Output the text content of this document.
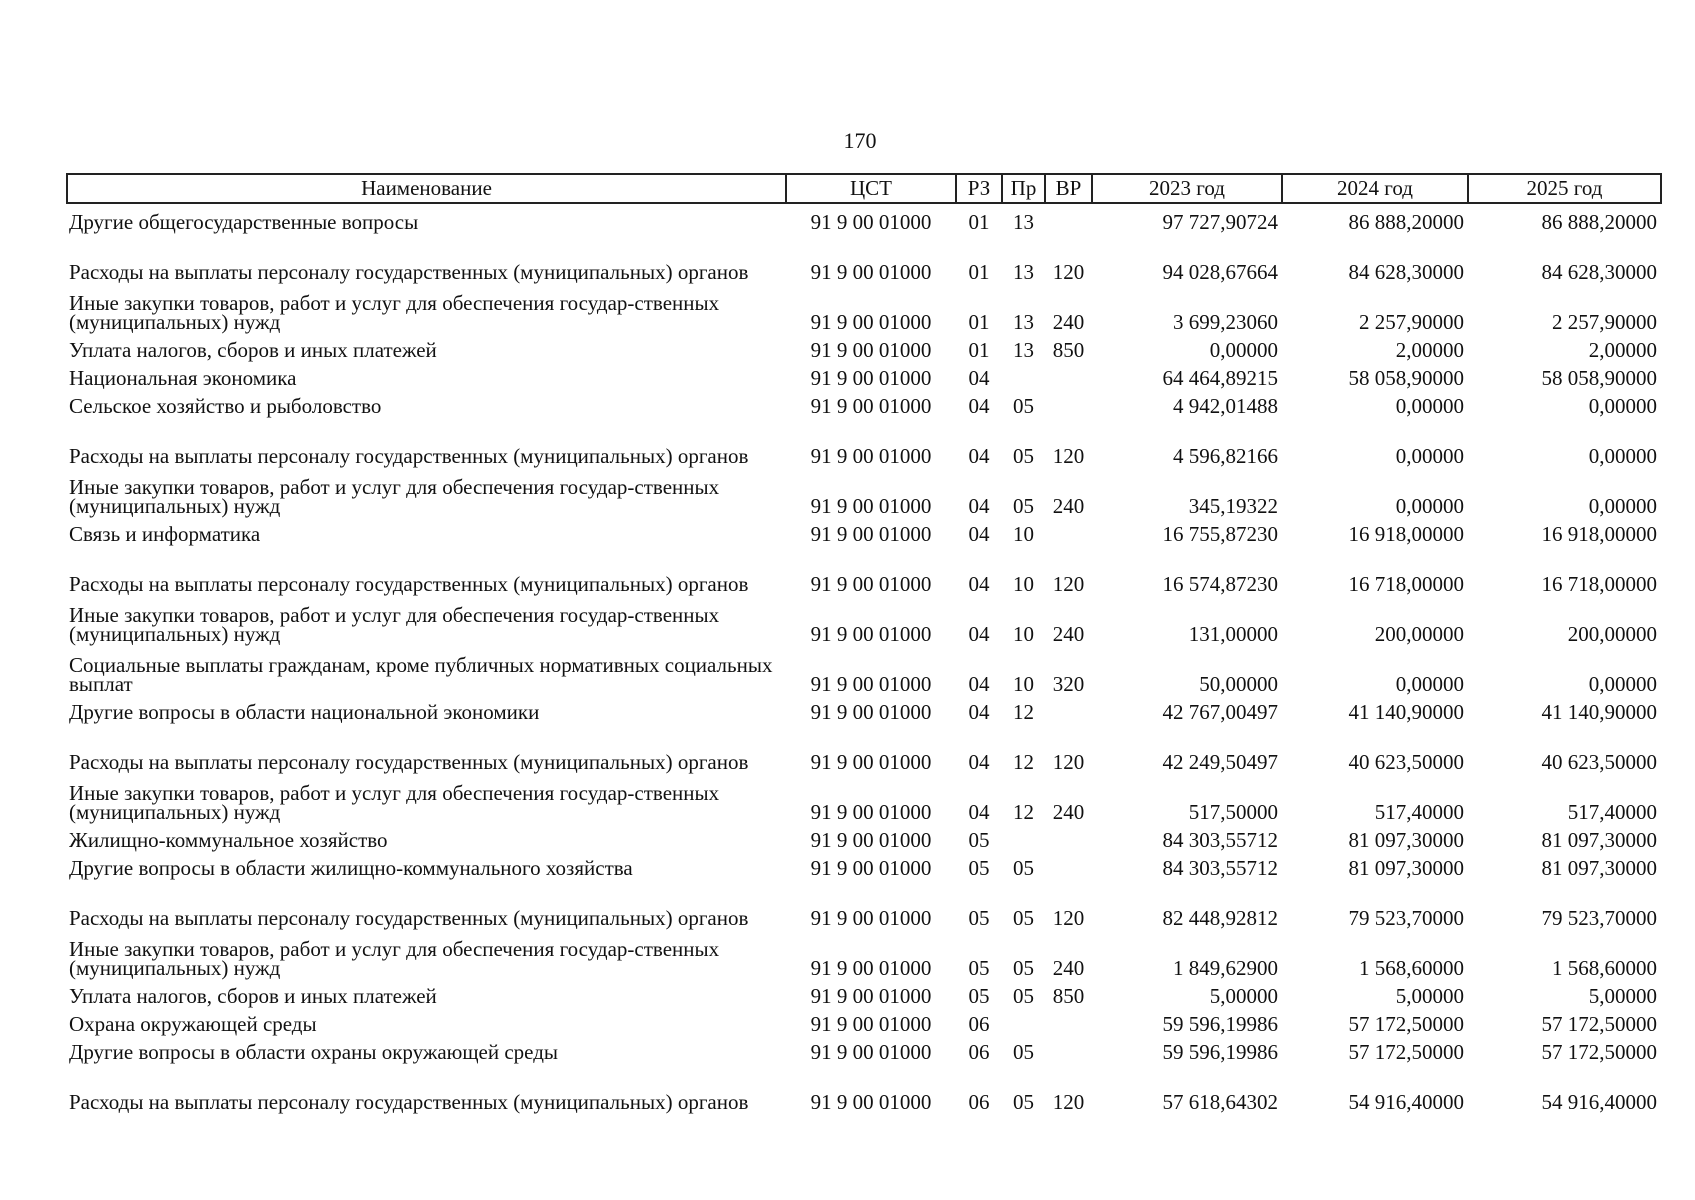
170
Наименование	ЦСТ	РЗ	Пр	ВР	2023 год	2024 год	2025 год
Другие общегосударственные вопросы	91 9 00 01000	01	13		97 727,90724	86 888,20000	86 888,20000
Расходы на выплаты персоналу государственных (муниципальных) органов	91 9 00 01000	01	13	120	94 028,67664	84 628,30000	84 628,30000
Иные закупки товаров, работ и услуг для обеспечения государ-ственных (муниципальных) нужд	91 9 00 01000	01	13	240	3 699,23060	2 257,90000	2 257,90000
Уплата налогов, сборов и иных платежей	91 9 00 01000	01	13	850	0,00000	2,00000	2,00000
Национальная экономика	91 9 00 01000	04			64 464,89215	58 058,90000	58 058,90000
Сельское хозяйство и рыболовство	91 9 00 01000	04	05		4 942,01488	0,00000	0,00000
Расходы на выплаты персоналу государственных (муниципальных) органов	91 9 00 01000	04	05	120	4 596,82166	0,00000	0,00000
Иные закупки товаров, работ и услуг для обеспечения государ-ственных (муниципальных) нужд	91 9 00 01000	04	05	240	345,19322	0,00000	0,00000
Связь и информатика	91 9 00 01000	04	10		16 755,87230	16 918,00000	16 918,00000
Расходы на выплаты персоналу государственных (муниципальных) органов	91 9 00 01000	04	10	120	16 574,87230	16 718,00000	16 718,00000
Иные закупки товаров, работ и услуг для обеспечения государ-ственных (муниципальных) нужд	91 9 00 01000	04	10	240	131,00000	200,00000	200,00000
Социальные выплаты гражданам, кроме публичных нормативных социальных выплат	91 9 00 01000	04	10	320	50,00000	0,00000	0,00000
Другие вопросы в области национальной экономики	91 9 00 01000	04	12		42 767,00497	41 140,90000	41 140,90000
Расходы на выплаты персоналу государственных (муниципальных) органов	91 9 00 01000	04	12	120	42 249,50497	40 623,50000	40 623,50000
Иные закупки товаров, работ и услуг для обеспечения государ-ственных (муниципальных) нужд	91 9 00 01000	04	12	240	517,50000	517,40000	517,40000
Жилищно-коммунальное хозяйство	91 9 00 01000	05			84 303,55712	81 097,30000	81 097,30000
Другие вопросы в области жилищно-коммунального хозяйства	91 9 00 01000	05	05		84 303,55712	81 097,30000	81 097,30000
Расходы на выплаты персоналу государственных (муниципальных) органов	91 9 00 01000	05	05	120	82 448,92812	79 523,70000	79 523,70000
Иные закупки товаров, работ и услуг для обеспечения государ-ственных (муниципальных) нужд	91 9 00 01000	05	05	240	1 849,62900	1 568,60000	1 568,60000
Уплата налогов, сборов и иных платежей	91 9 00 01000	05	05	850	5,00000	5,00000	5,00000
Охрана окружающей среды	91 9 00 01000	06			59 596,19986	57 172,50000	57 172,50000
Другие вопросы в области охраны окружающей среды	91 9 00 01000	06	05		59 596,19986	57 172,50000	57 172,50000
Расходы на выплаты персоналу государственных (муниципальных) органов	91 9 00 01000	06	05	120	57 618,64302	54 916,40000	54 916,40000
